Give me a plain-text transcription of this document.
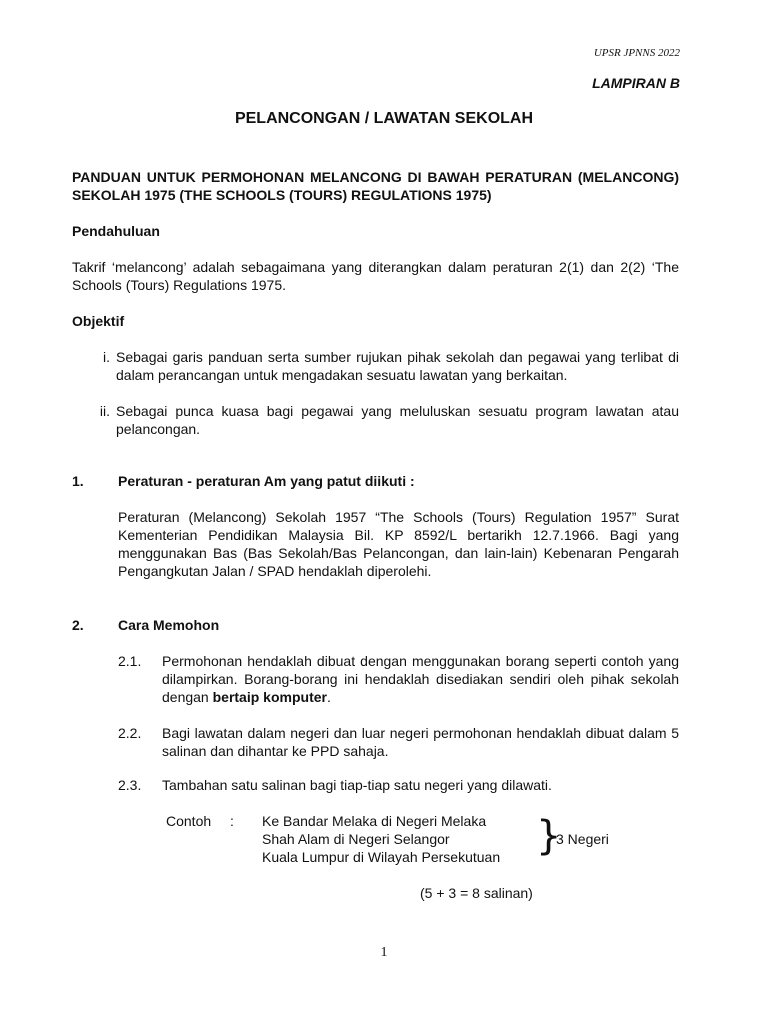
UPSR JPNNS 2022
LAMPIRAN B
PELANCONGAN / LAWATAN SEKOLAH
PANDUAN UNTUK PERMOHONAN MELANCONG DI BAWAH PERATURAN (MELANCONG) SEKOLAH 1975 (THE SCHOOLS (TOURS) REGULATIONS 1975)
Pendahuluan
Takrif ‘melancong’ adalah sebagaimana yang diterangkan dalam peraturan 2(1) dan 2(2) ‘The Schools (Tours) Regulations 1975.
Objektif
i. Sebagai garis panduan serta sumber rujukan pihak sekolah dan pegawai yang terlibat di dalam perancangan untuk mengadakan sesuatu lawatan yang berkaitan.
ii. Sebagai punca kuasa bagi pegawai yang meluluskan sesuatu program lawatan atau pelancongan.
1. Peraturan - peraturan Am yang patut diikuti :
Peraturan (Melancong) Sekolah 1957 “The Schools (Tours) Regulation 1957” Surat Kementerian Pendidikan Malaysia Bil. KP 8592/L bertarikh 12.7.1966. Bagi yang menggunakan Bas (Bas Sekolah/Bas Pelancongan, dan lain-lain) Kebenaran Pengarah Pengangkutan Jalan / SPAD hendaklah diperolehi.
2. Cara Memohon
2.1. Permohonan hendaklah dibuat dengan menggunakan borang seperti contoh yang dilampirkan. Borang-borang ini hendaklah disediakan sendiri oleh pihak sekolah dengan bertaip komputer.
2.2. Bagi lawatan dalam negeri dan luar negeri permohonan hendaklah dibuat dalam 5 salinan dan dihantar ke PPD sahaja.
2.3. Tambahan satu salinan bagi tiap-tiap satu negeri yang dilawati.
Contoh : Ke Bandar Melaka di Negeri Melaka
Shah Alam di Negeri Selangor
Kuala Lumpur di Wilayah Persekutuan }
3 Negeri
(5 + 3 = 8 salinan)
1
